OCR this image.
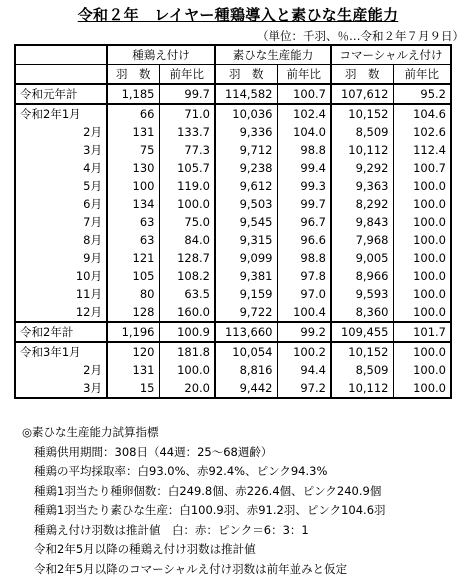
令和２年　レイヤー種鶏導入と素ひな生産能力
（単位：千羽、％…令和２年７月９日）
	種鶏え付け		素ひな生産能力		コマーシャルえ付け	
	羽　数	前年比	羽　数	前年比	羽　数	前年比
令和元年計	1,185	99.7	114,582	100.7	107,612	95.2
令和2年1月	66	71.0	10,036	102.4	10,152	104.6
2月	131	133.7	9,336	104.0	8,509	102.6
3月	75	77.3	9,712	98.8	10,112	112.4
4月	130	105.7	9,238	99.4	9,292	100.7
5月	100	119.0	9,612	99.3	9,363	100.0
6月	134	100.0	9,503	99.7	8,292	100.0
7月	63	75.0	9,545	96.7	9,843	100.0
8月	63	84.0	9,315	96.6	7,968	100.0
9月	121	128.7	9,099	98.8	9,005	100.0
10月	105	108.2	9,381	97.8	8,966	100.0
11月	80	63.5	9,159	97.0	9,593	100.0
12月	128	160.0	9,722	100.4	8,360	100.0
令和2年計	1,196	100.9	113,660	99.2	109,455	101.7
令和3年1月	120	181.8	10,054	100.2	10,152	100.0
2月	131	100.0	8,816	94.4	8,509	100.0
3月	15	20.0	9,442	97.2	10,112	100.0
◎素ひな生産能力試算指標
種鶏供用期間：308日（44週：25〜68週齢）
種鶏の平均採取率：白93.0%、赤92.4%、ピンク94.3%
種鶏1羽当たり種卵個数：白249.8個、赤226.4個、ピンク240.9個
種鶏1羽当たり素ひな生産：白100.9羽、赤91.2羽、ピンク104.6羽
種鶏え付け羽数は推計値　白：赤：ピンク＝6：3：1
令和2年5月以降の種鶏え付け羽数は推計値
令和2年5月以降のコマーシャルえ付け羽数は前年並みと仮定
